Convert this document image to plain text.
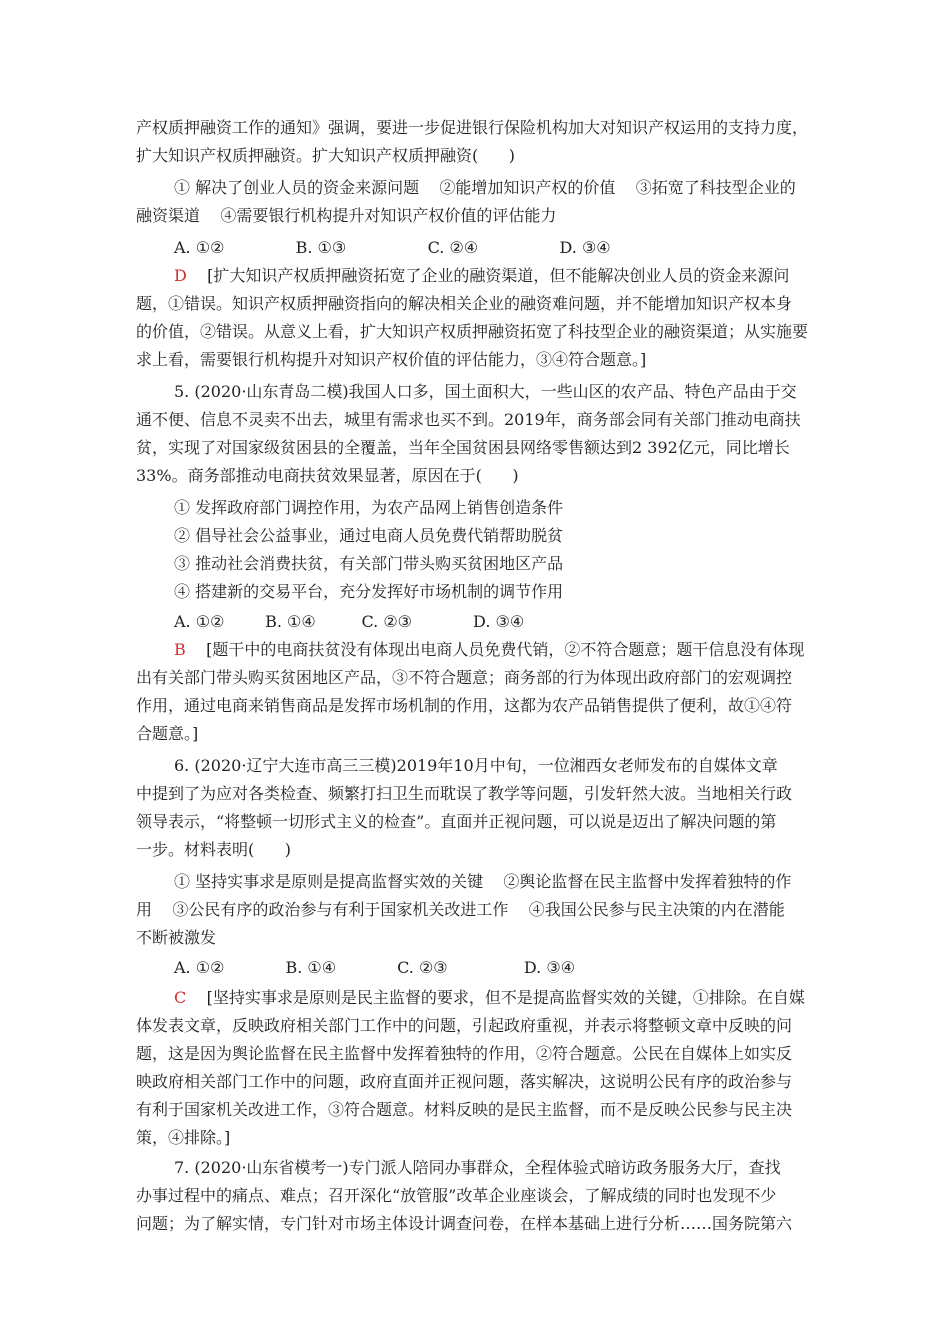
产权质押融资工作的通知》强调，要进一步促进银行保险机构加大对知识产权运用的支持力度，
扩大知识产权质押融资。扩大知识产权质押融资(      )
① 解决了创业人员的资金来源问题    ②能增加知识产权的价值    ③拓宽了科技型企业的
融资渠道    ④需要银行机构提升对知识产权价值的评估能力
A. ①②              B. ①③                C. ②④                D. ③④
D    [扩大知识产权质押融资拓宽了企业的融资渠道，但不能解决创业人员的资金来源问
题，①错误。知识产权质押融资指向的解决相关企业的融资难问题，并不能增加知识产权本身
的价值，②错误。从意义上看，扩大知识产权质押融资拓宽了科技型企业的融资渠道；从实施要
求上看，需要银行机构提升对知识产权价值的评估能力，③④符合题意。]
5. (2020·山东青岛二模)我国人口多，国土面积大，一些山区的农产品、特色产品由于交
通不便、信息不灵卖不出去，城里有需求也买不到。2019年，商务部会同有关部门推动电商扶
贫，实现了对国家级贫困县的全覆盖，当年全国贫困县网络零售额达到2 392亿元，同比增长
33%。商务部推动电商扶贫效果显著，原因在于(      )
① 发挥政府部门调控作用，为农产品网上销售创造条件
② 倡导社会公益事业，通过电商人员免费代销帮助脱贫
③ 推动社会消费扶贫，有关部门带头购买贫困地区产品
④ 搭建新的交易平台，充分发挥好市场机制的调节作用
A. ①②        B. ①④         C. ②③            D. ③④
B    [题干中的电商扶贫没有体现出电商人员免费代销，②不符合题意；题干信息没有体现
出有关部门带头购买贫困地区产品，③不符合题意；商务部的行为体现出政府部门的宏观调控
作用，通过电商来销售商品是发挥市场机制的作用，这都为农产品销售提供了便利，故①④符
合题意。]
6. (2020·辽宁大连市高三三模)2019年10月中旬，一位湘西女老师发布的自媒体文章
中提到了为应对各类检查、频繁打扫卫生而耽误了教学等问题，引发轩然大波。当地相关行政
领导表示，“将整顿一切形式主义的检查”。直面并正视问题，可以说是迈出了解决问题的第
一步。材料表明(      )
① 坚持实事求是原则是提高监督实效的关键    ②舆论监督在民主监督中发挥着独特的作
用    ③公民有序的政治参与有利于国家机关改进工作    ④我国公民参与民主决策的内在潜能
不断被激发
A. ①②            B. ①④            C. ②③               D. ③④
C    [坚持实事求是原则是民主监督的要求，但不是提高监督实效的关键，①排除。在自媒
体发表文章，反映政府相关部门工作中的问题，引起政府重视，并表示将整顿文章中反映的问
题，这是因为舆论监督在民主监督中发挥着独特的作用，②符合题意。公民在自媒体上如实反
映政府相关部门工作中的问题，政府直面并正视问题，落实解决，这说明公民有序的政治参与
有利于国家机关改进工作，③符合题意。材料反映的是民主监督，而不是反映公民参与民主决
策，④排除。]
7. (2020·山东省模考一)专门派人陪同办事群众，全程体验式暗访政务服务大厅，查找
办事过程中的痛点、难点；召开深化“放管服”改革企业座谈会，了解成绩的同时也发现不少
问题；为了解实情，专门针对市场主体设计调查问卷，在样本基础上进行分析……国务院第六
